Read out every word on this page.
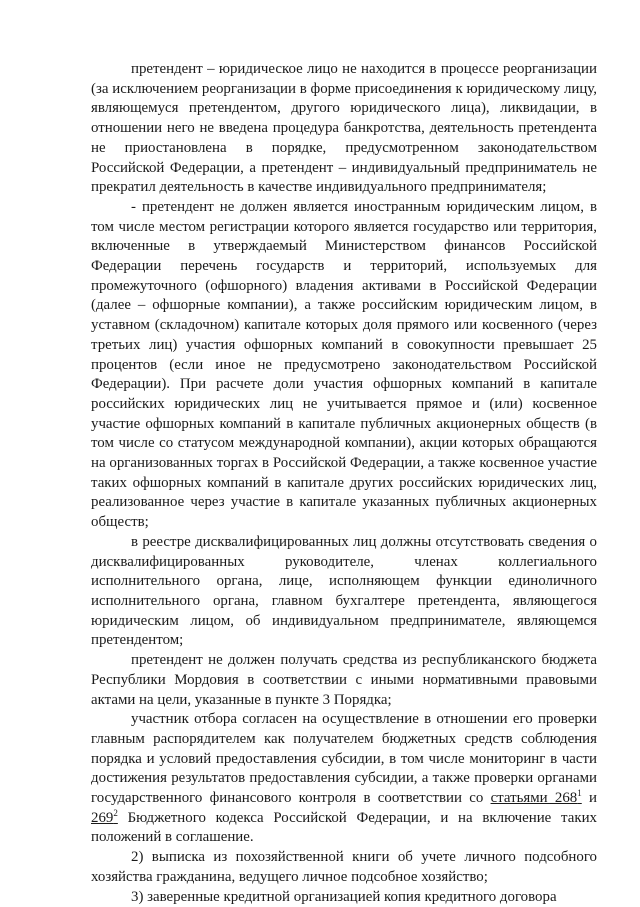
претендент – юридическое лицо не находится в процессе реорганизации (за исключением реорганизации в форме присоединения к юридическому лицу, являющемуся претендентом, другого юридического лица), ликвидации, в отношении него не введена процедура банкротства, деятельность претендента не приостановлена в порядке, предусмотренном законодательством Российской Федерации, а претендент – индивидуальный предприниматель не прекратил деятельность в качестве индивидуального предпринимателя;

- претендент не должен является иностранным юридическим лицом, в том числе местом регистрации которого является государство или территория, включенные в утверждаемый Министерством финансов Российской Федерации перечень государств и территорий, используемых для промежуточного (офшорного) владения активами в Российской Федерации (далее – офшорные компании), а также российским юридическим лицом, в уставном (складочном) капитале которых доля прямого или косвенного (через третьих лиц) участия офшорных компаний в совокупности превышает 25 процентов (если иное не предусмотрено законодательством Российской Федерации). При расчете доли участия офшорных компаний в капитале российских юридических лиц не учитывается прямое и (или) косвенное участие офшорных компаний в капитале публичных акционерных обществ (в том числе со статусом международной компании), акции которых обращаются на организованных торгах в Российской Федерации, а также косвенное участие таких офшорных компаний в капитале других российских юридических лиц, реализованное через участие в капитале указанных публичных акционерных обществ;

в реестре дисквалифицированных лиц должны отсутствовать сведения о дисквалифицированных руководителе, членах коллегиального исполнительного органа, лице, исполняющем функции единоличного исполнительного органа, главном бухгалтере претендента, являющегося юридическим лицом, об индивидуальном предпринимателе, являющемся претендентом;

претендент не должен получать средства из республиканского бюджета Республики Мордовия в соответствии с иными нормативными правовыми актами на цели, указанные в пункте 3 Порядка;

участник отбора согласен на осуществление в отношении его проверки главным распорядителем как получателем бюджетных средств соблюдения порядка и условий предоставления субсидии, в том числе мониторинг в части достижения результатов предоставления субсидии, а также проверки органами государственного финансового контроля в соответствии со статьями $268^1$ и $269^2$ Бюджетного кодекса Российской Федерации, и на включение таких положений в соглашение.

2) выписка из похозяйственной книги об учете личного подсобного хозяйства гражданина, ведущего личное подсобное хозяйство;

3) заверенные кредитной организацией копия кредитного договора
